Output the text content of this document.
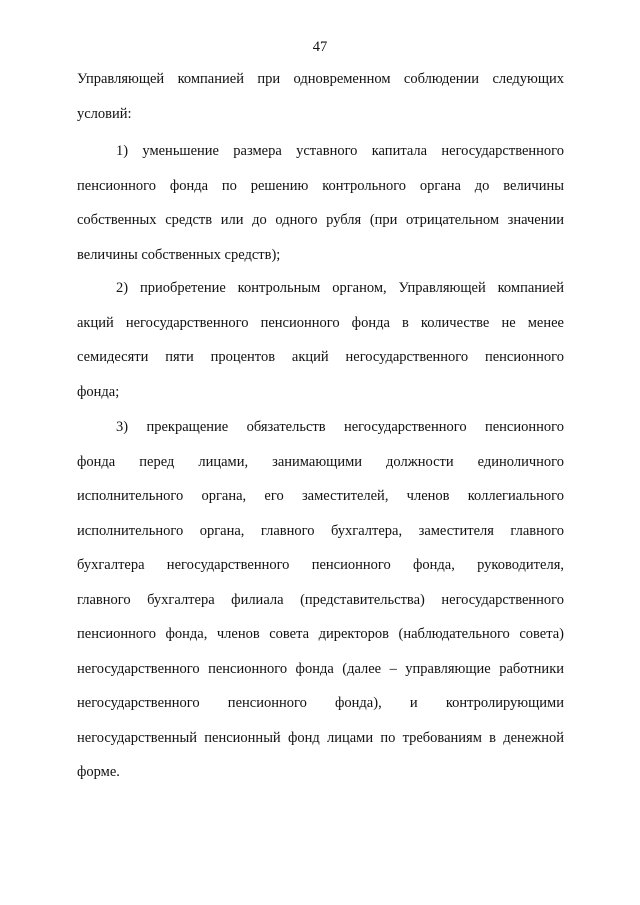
47
Управляющей компанией при одновременном соблюдении следующих
условий:
1) уменьшение размера уставного капитала негосударственного
пенсионного фонда по решению контрольного органа до величины
собственных средств или до одного рубля (при отрицательном значении
величины собственных средств);
2) приобретение контрольным органом, Управляющей компанией
акций негосударственного пенсионного фонда в количестве не менее
семидесяти пяти процентов акций негосударственного пенсионного
фонда;
3) прекращение обязательств негосударственного пенсионного
фонда перед лицами, занимающими должности единоличного
исполнительного органа, его заместителей, членов коллегиального
исполнительного органа, главного бухгалтера, заместителя главного
бухгалтера негосударственного пенсионного фонда, руководителя,
главного бухгалтера филиала (представительства) негосударственного
пенсионного фонда, членов совета директоров (наблюдательного совета)
негосударственного пенсионного фонда (далее – управляющие работники
негосударственного пенсионного фонда), и контролирующими
негосударственный пенсионный фонд лицами по требованиям в денежной
форме.
